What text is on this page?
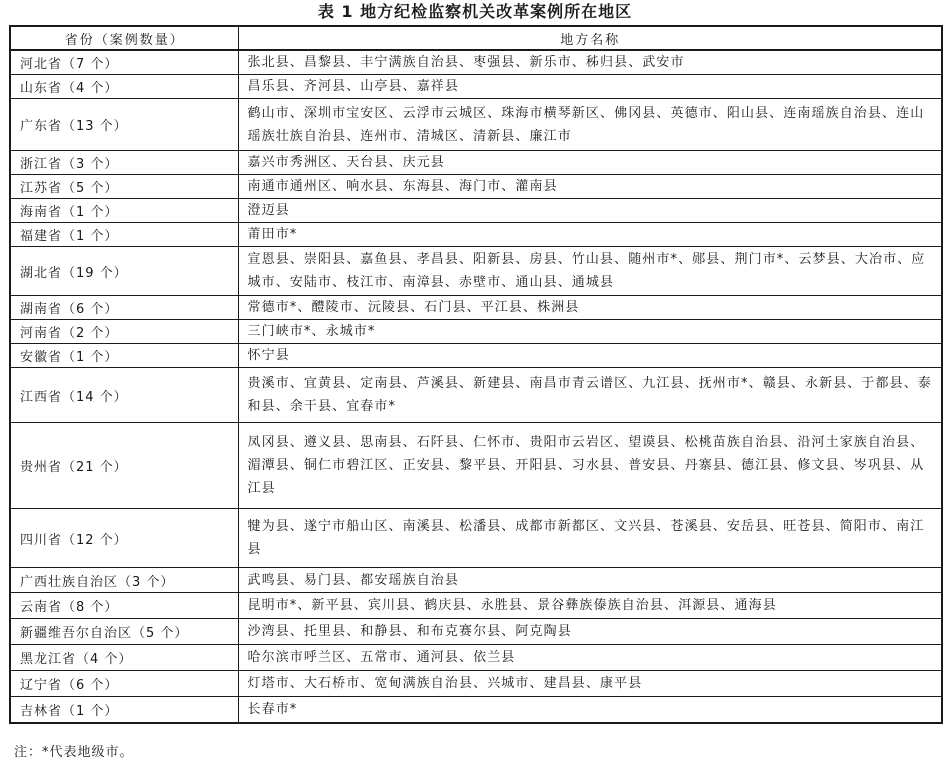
表 1 地方纪检监察机关改革案例所在地区
省份（案例数量）	地方名称
河北省（7 个）	张北县、昌黎县、丰宁满族自治县、枣强县、新乐市、秭归县、武安市
山东省（4 个）	昌乐县、齐河县、山亭县、嘉祥县
广东省（13 个）	鹤山市、深圳市宝安区、云浮市云城区、珠海市横琴新区、佛冈县、英德市、阳山县、连南瑶族自治县、连山瑶族壮族自治县、连州市、清城区、清新县、廉江市
浙江省（3 个）	嘉兴市秀洲区、天台县、庆元县
江苏省（5 个）	南通市通州区、响水县、东海县、海门市、灌南县
海南省（1 个）	澄迈县
福建省（1 个）	莆田市*
湖北省（19 个）	宣恩县、崇阳县、嘉鱼县、孝昌县、阳新县、房县、竹山县、随州市*、郧县、荆门市*、云梦县、大冶市、应城市、安陆市、枝江市、南漳县、赤壁市、通山县、通城县
湖南省（6 个）	常德市*、醴陵市、沅陵县、石门县、平江县、株洲县
河南省（2 个）	三门峡市*、永城市*
安徽省（1 个）	怀宁县
江西省（14 个）	贵溪市、宜黄县、定南县、芦溪县、新建县、南昌市青云谱区、九江县、抚州市*、赣县、永新县、于都县、泰和县、余干县、宜春市*
贵州省（21 个）	凤冈县、遵义县、思南县、石阡县、仁怀市、贵阳市云岩区、望谟县、松桃苗族自治县、沿河土家族自治县、湄潭县、铜仁市碧江区、正安县、黎平县、开阳县、习水县、普安县、丹寨县、德江县、修文县、岑巩县、从江县
四川省（12 个）	犍为县、遂宁市船山区、南溪县、松潘县、成都市新都区、文兴县、苍溪县、安岳县、旺苍县、简阳市、南江县
广西壮族自治区（3 个）	武鸣县、易门县、都安瑶族自治县
云南省（8 个）	昆明市*、新平县、宾川县、鹤庆县、永胜县、景谷彝族傣族自治县、洱源县、通海县
新疆维吾尔自治区（5 个）	沙湾县、托里县、和静县、和布克赛尔县、阿克陶县
黑龙江省（4 个）	哈尔滨市呼兰区、五常市、通河县、依兰县
辽宁省（6 个）	灯塔市、大石桥市、宽甸满族自治县、兴城市、建昌县、康平县
吉林省（1 个）	长春市*
注：*代表地级市。
